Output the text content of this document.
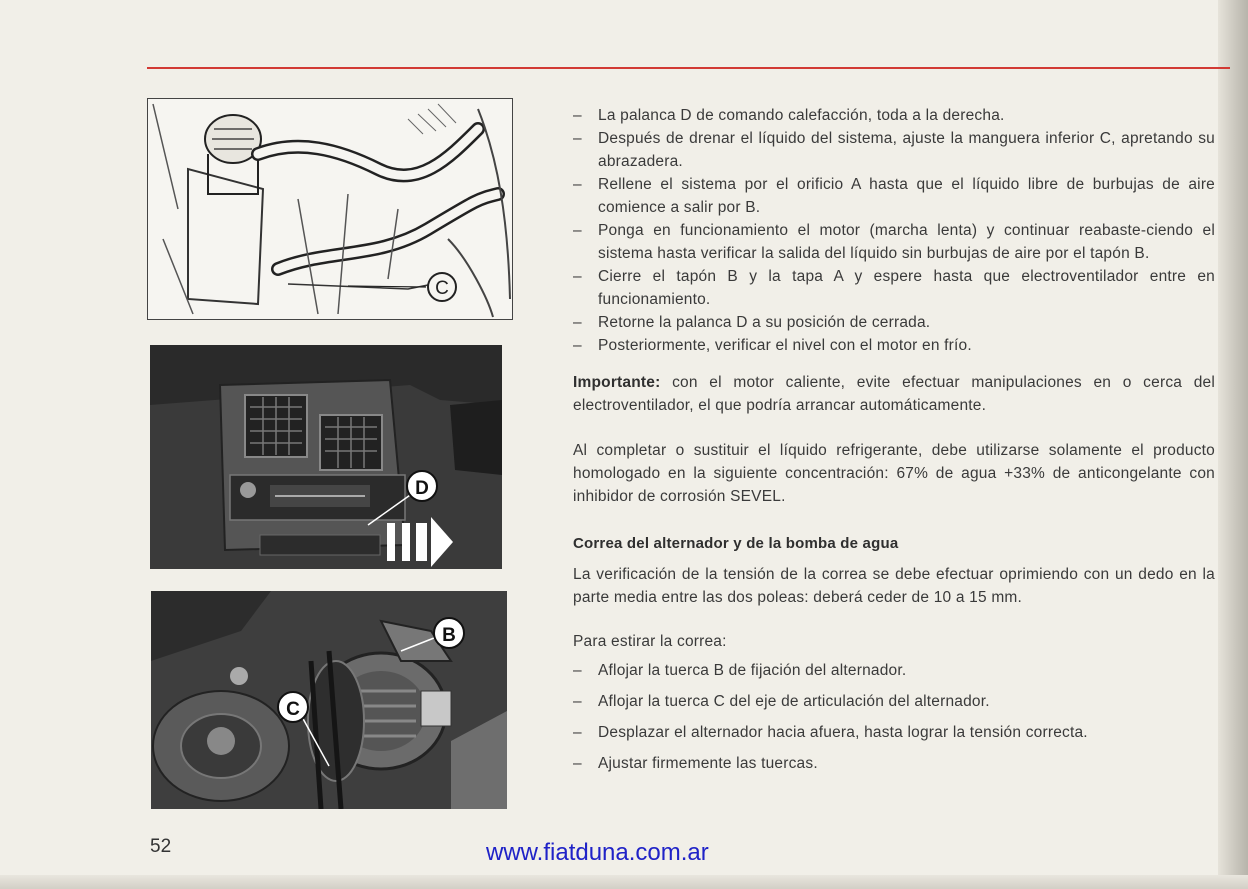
C
D
B
C
– La palanca D de comando calefacción, toda a la derecha.
– Después de drenar el líquido del sistema, ajuste la manguera inferior C, apretando su abrazadera.
– Rellene el sistema por el orificio A hasta que el líquido libre de burbujas de aire comience a salir por B.
– Ponga en funcionamiento el motor (marcha lenta) y continuar reabaste-ciendo el sistema hasta verificar la salida del líquido sin burbujas de aire por el tapón B.
– Cierre el tapón B y la tapa A y espere hasta que electroventilador entre en funcionamiento.
– Retorne la palanca D a su posición de cerrada.
– Posteriormente, verificar el nivel con el motor en frío.

Importante: con el motor caliente, evite efectuar manipulaciones en o cerca del electroventilador, el que podría arrancar automáticamente.

Al completar o sustituir el líquido refrigerante, debe utilizarse solamente el producto homologado en la siguiente concentración: 67% de agua +33% de anticongelante con inhibidor de corrosión SEVEL.

Correa del alternador y de la bomba de agua

La verificación de la tensión de la correa se debe efectuar oprimiendo con un dedo en la parte media entre las dos poleas: deberá ceder de 10 a 15 mm.

Para estirar la correa:

– Aflojar la tuerca B de fijación del alternador.
– Aflojar la tuerca C del eje de articulación del alternador.
– Desplazar el alternador hacia afuera, hasta lograr la tensión correcta.
– Ajustar firmemente las tuercas.
52	www.fiatduna.com.ar
